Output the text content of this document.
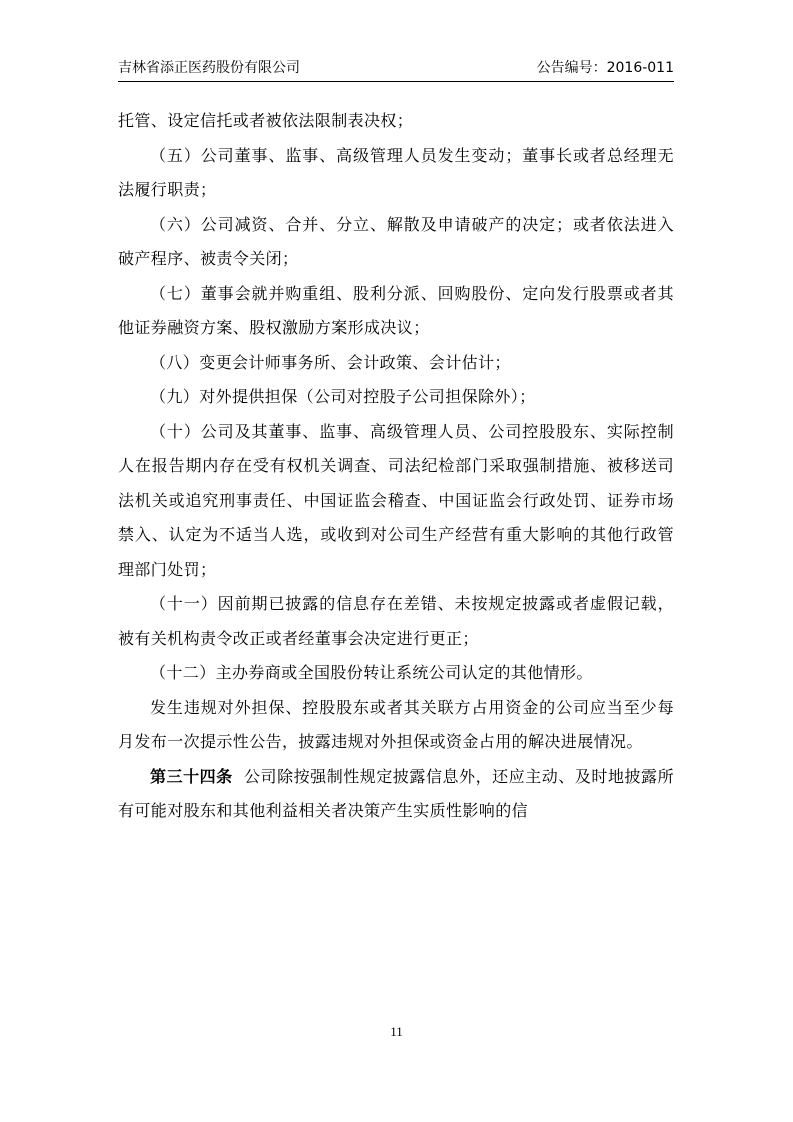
吉林省添正医药股份有限公司	公告编号：2016-011

托管、设定信托或者被依法限制表决权；

（五）公司董事、监事、高级管理人员发生变动；董事长或者总经理无法履行职责；

（六）公司减资、合并、分立、解散及申请破产的决定；或者依法进入破产程序、被责令关闭；

（七）董事会就并购重组、股利分派、回购股份、定向发行股票或者其他证券融资方案、股权激励方案形成决议；

（八）变更会计师事务所、会计政策、会计估计；

（九）对外提供担保（公司对控股子公司担保除外）；

（十）公司及其董事、监事、高级管理人员、公司控股股东、实际控制人在报告期内存在受有权机关调查、司法纪检部门采取强制措施、被移送司法机关或追究刑事责任、中国证监会稽查、中国证监会行政处罚、证券市场禁入、认定为不适当人选，或收到对公司生产经营有重大影响的其他行政管理部门处罚；

（十一）因前期已披露的信息存在差错、未按规定披露或者虚假记载，被有关机构责令改正或者经董事会决定进行更正；

（十二）主办券商或全国股份转让系统公司认定的其他情形。

发生违规对外担保、控股股东或者其关联方占用资金的公司应当至少每月发布一次提示性公告，披露违规对外担保或资金占用的解决进展情况。

第三十四条 公司除按强制性规定披露信息外，还应主动、及时地披露所有可能对股东和其他利益相关者决策产生实质性影响的信

11
